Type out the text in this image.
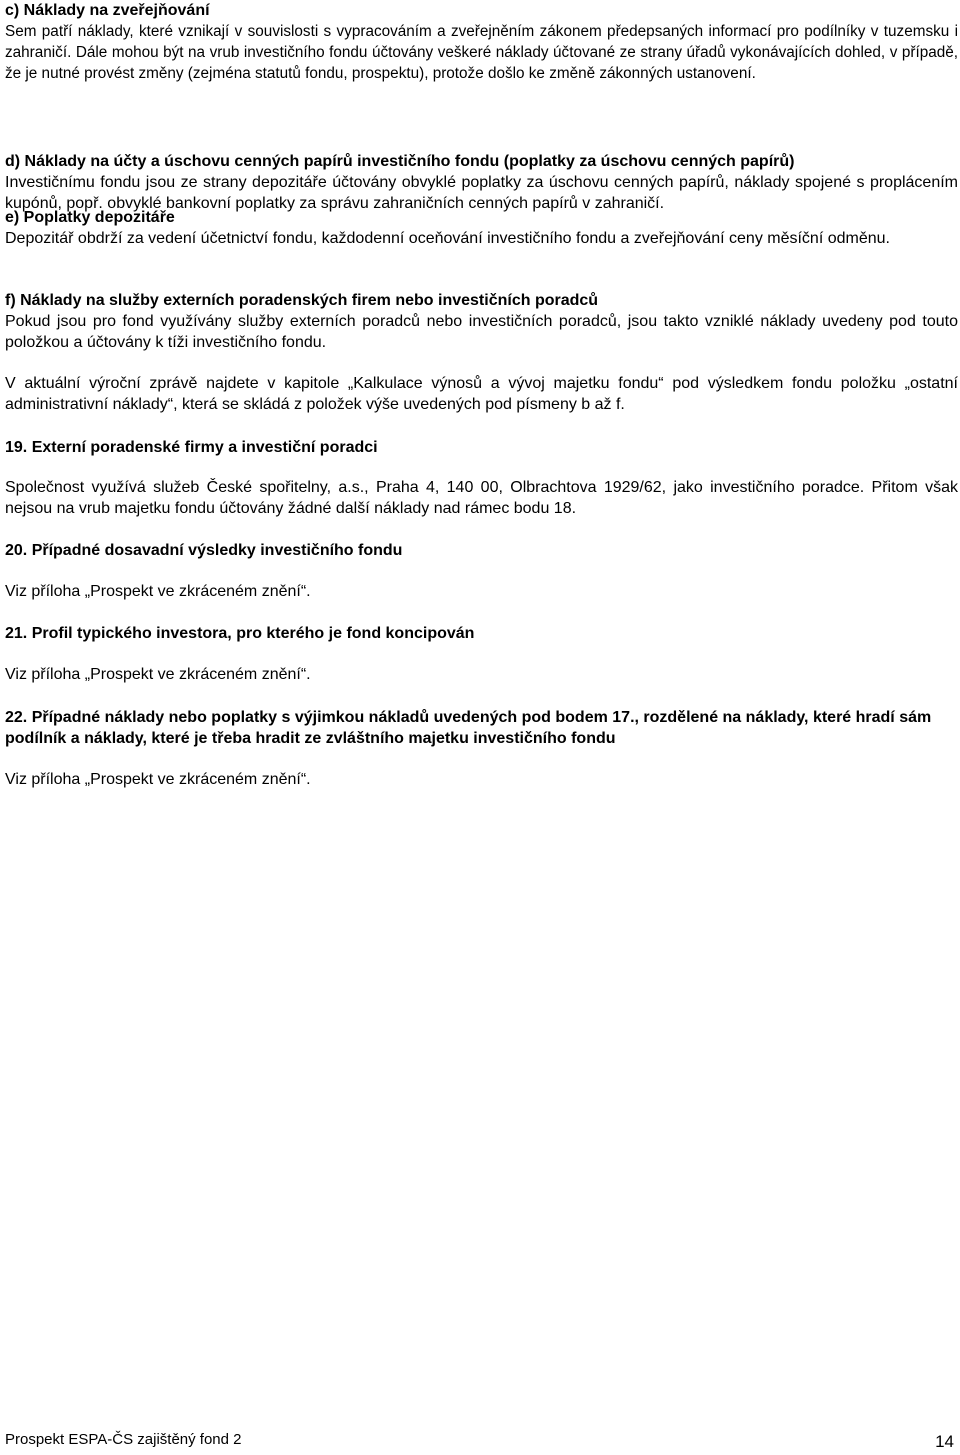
c) Náklady na zveřejňování
Sem patří náklady, které vznikají v souvislosti s vypracováním a zveřejněním zákonem předepsaných informací pro podílníky v tuzemsku i zahraničí. Dále mohou být na vrub investičního fondu účtovány veškeré náklady účtované ze strany úřadů vykonávajících dohled, v případě, že je nutné provést změny (zejména statutů fondu, prospektu), protože došlo ke změně zákonných ustanovení.
d) Náklady na účty a úschovu cenných papírů investičního fondu (poplatky za úschovu cenných papírů)
Investičnímu fondu jsou ze strany depozitáře účtovány obvyklé poplatky za úschovu cenných papírů, náklady spojené s proplácením kupónů, popř. obvyklé bankovní poplatky za správu zahraničních cenných papírů v zahraničí.
e) Poplatky depozitáře
Depozitář obdrží za vedení účetnictví fondu, každodenní oceňování investičního fondu a zveřejňování ceny měsíční odměnu.
f) Náklady na služby externích poradenských firem nebo investičních poradců
Pokud jsou pro fond využívány služby externích poradců nebo investičních poradců, jsou takto vzniklé náklady uvedeny pod touto položkou a účtovány k tíži investičního fondu.
V aktuální výroční zprávě najdete v kapitole „Kalkulace výnosů a vývoj majetku fondu“ pod výsledkem fondu položku „ostatní administrativní náklady“, která se skládá z položek výše uvedených pod písmeny b až f.
19. Externí poradenské firmy a investiční poradci
Společnost využívá služeb České spořitelny, a.s., Praha 4, 140 00, Olbrachtova 1929/62, jako investičního poradce. Přitom však nejsou na vrub majetku fondu účtovány žádné další náklady nad rámec bodu 18.
20. Případné dosavadní výsledky investičního fondu
Viz příloha „Prospekt ve zkráceném znění“.
21. Profil typického investora, pro kterého je fond koncipován
Viz příloha „Prospekt ve zkráceném znění“.
22. Případné náklady nebo poplatky s výjimkou nákladů uvedených pod bodem 17., rozdělené na náklady, které hradí sám podílník a náklady, které je třeba hradit ze zvláštního majetku investičního fondu
Viz příloha „Prospekt ve zkráceném znění“.
Prospekt ESPA-ČS zajištěný fond 2	14
